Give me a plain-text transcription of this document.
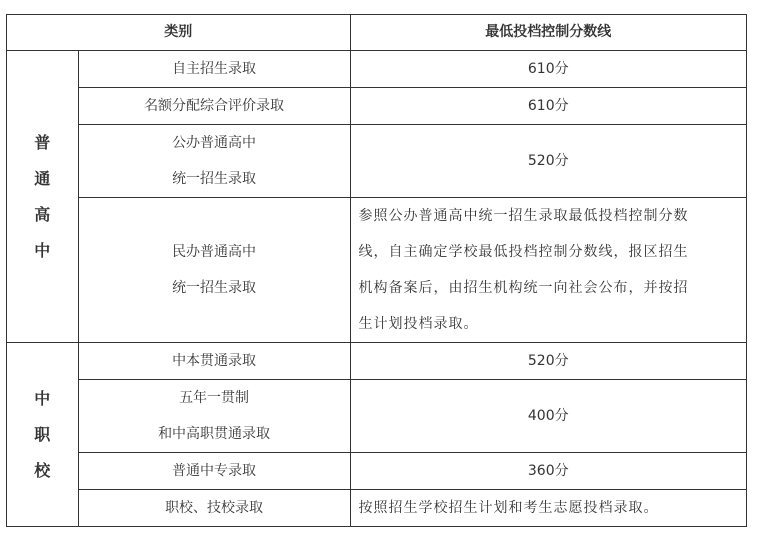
类别		最低投档控制分数线

普
通
高
中	自主招生录取	610分

	名额分配综合评价录取	610分

	公办普通高中
统一招生录取	520分

	民办普通高中
统一招生录取	参照公办普通高中统一招生录取最低投档控制分数
线，自主确定学校最低投档控制分数线，报区招生
机构备案后，由招生机构统一向社会公布，并按招
生计划投档录取。

中
职
校	中本贯通录取	520分

	五年一贯制
和中高职贯通录取	400分

	普通中专录取	360分

	职校、技校录取	按照招生学校招生计划和考生志愿投档录取。
